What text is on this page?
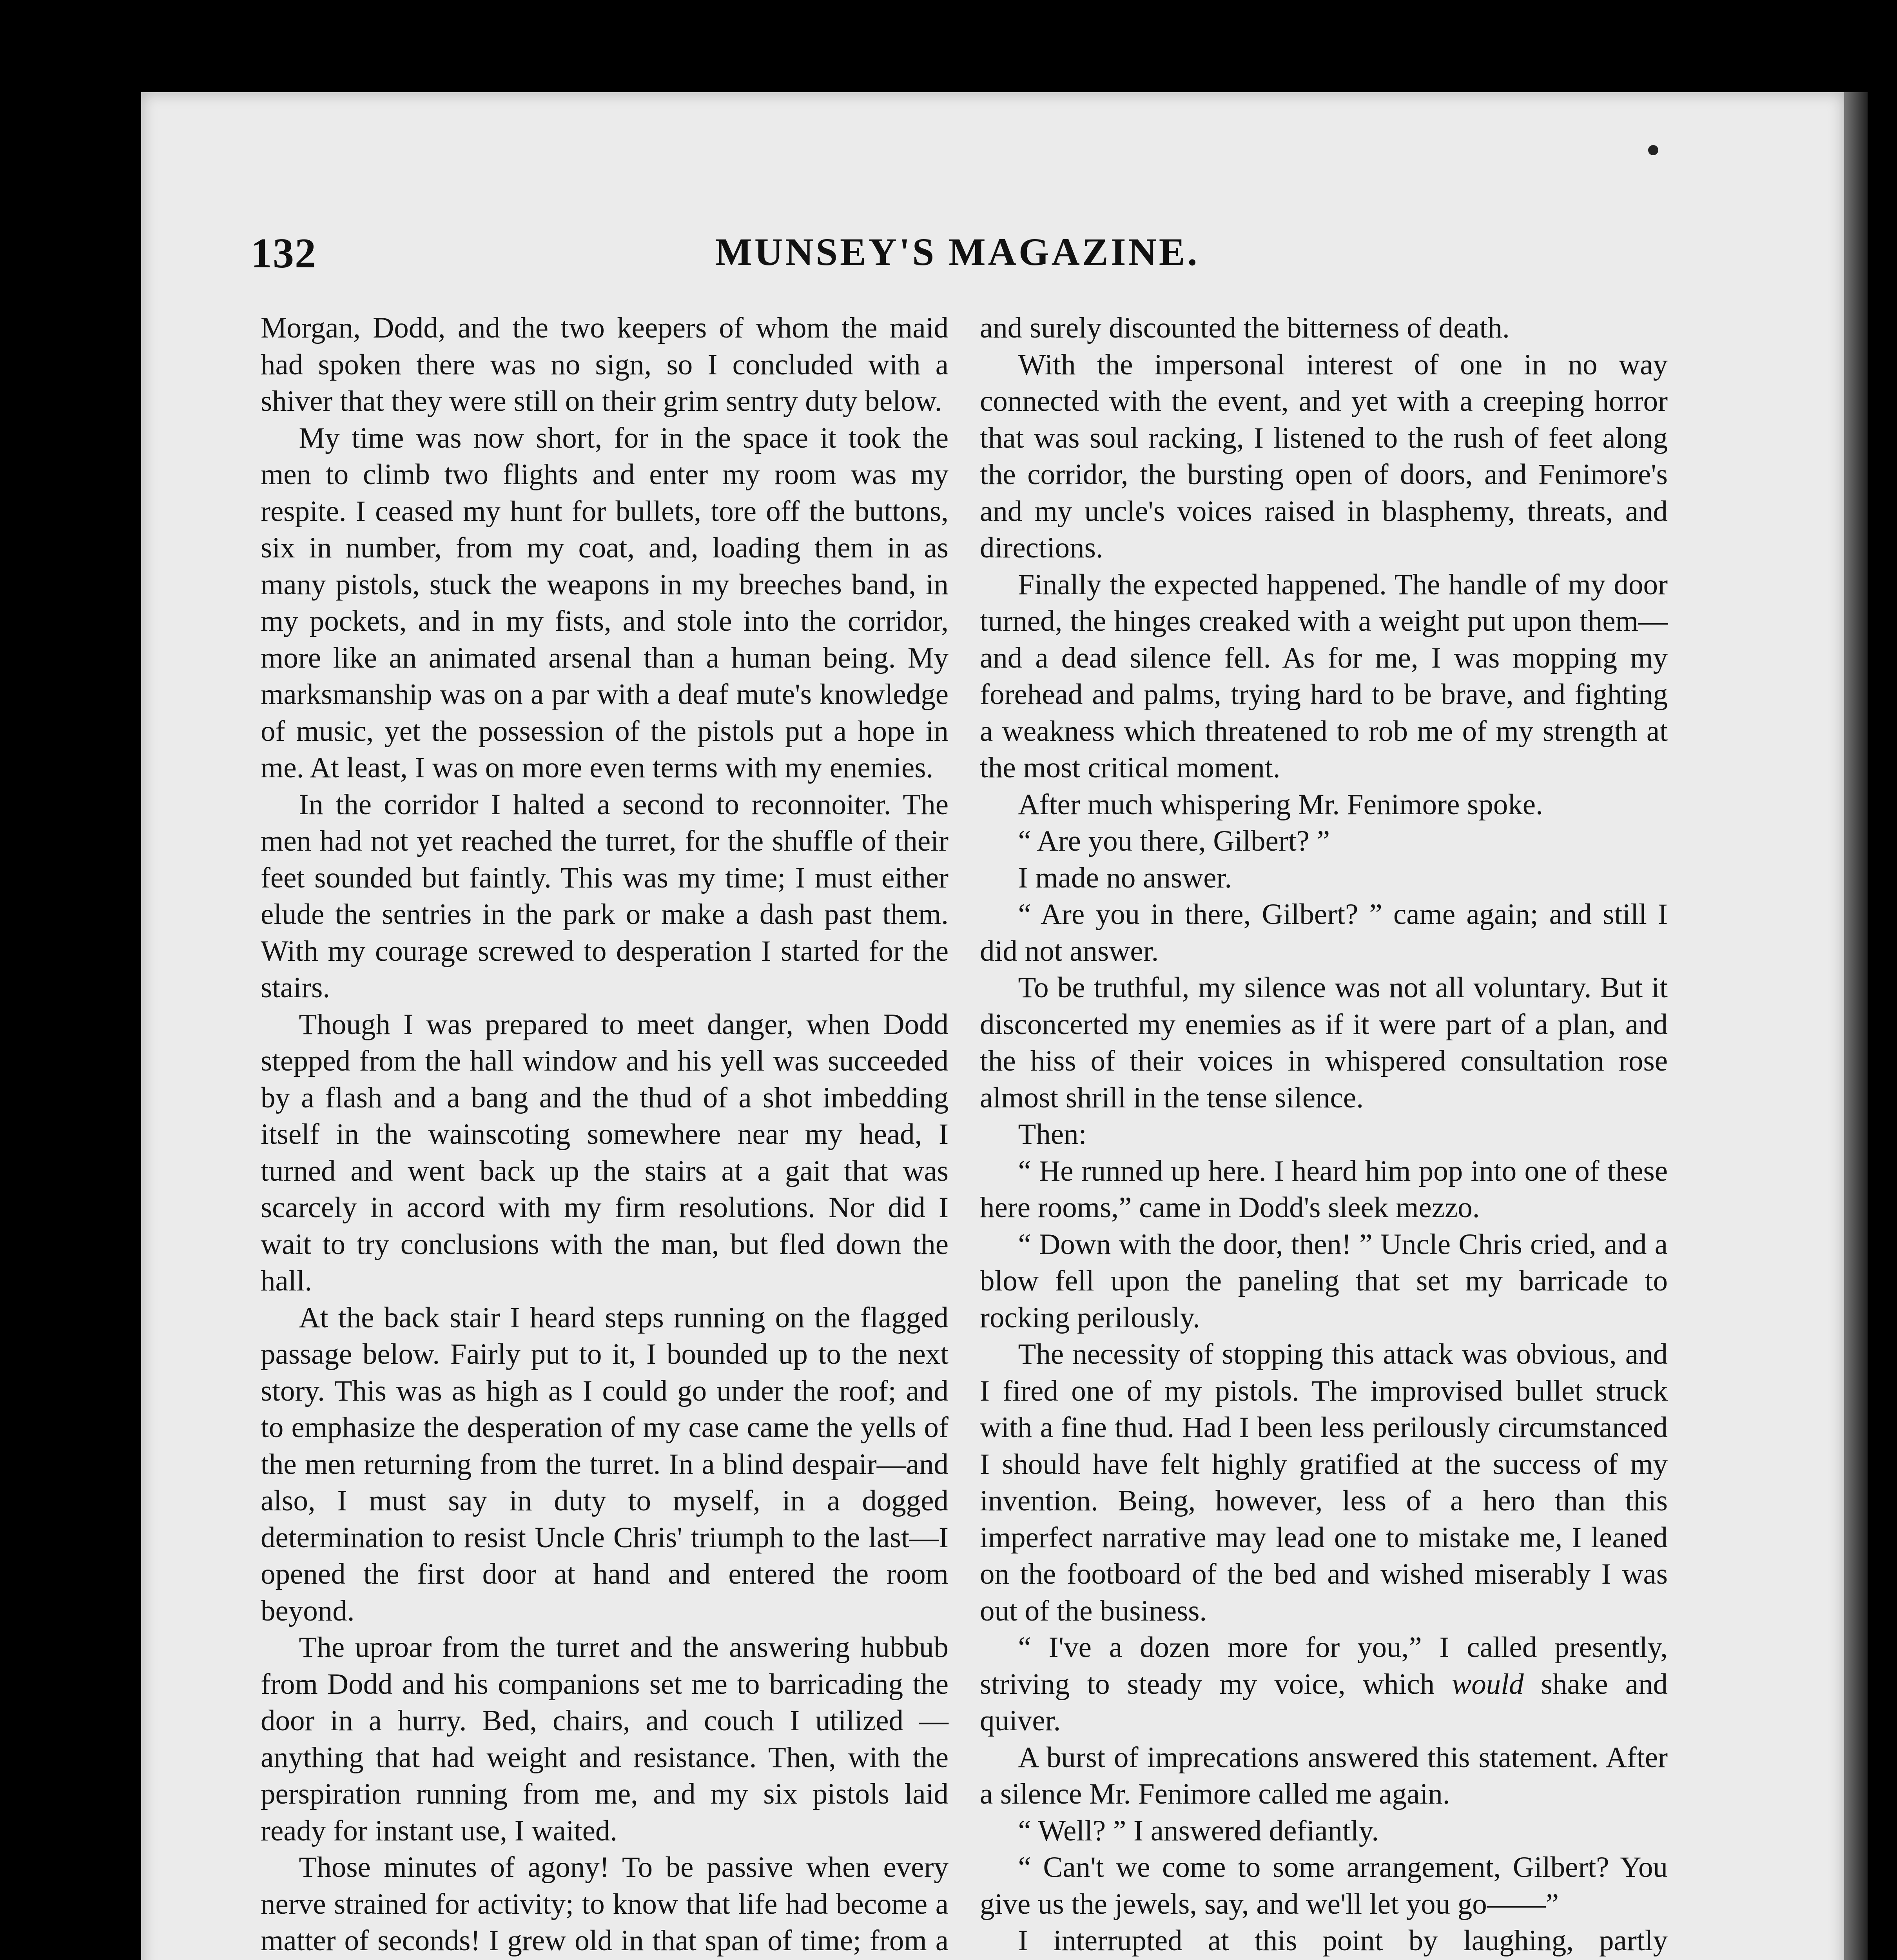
132	MUNSEY'S MAGAZINE.

Morgan, Dodd, and the two keepers of whom the maid had spoken there was no sign, so I concluded with a shiver that they were still on their grim sentry duty below.

My time was now short, for in the space it took the men to climb two flights and enter my room was my respite. I ceased my hunt for bullets, tore off the buttons, six in number, from my coat, and, loading them in as many pistols, stuck the weapons in my breeches band, in my pockets, and in my fists, and stole into the corridor, more like an animated arsenal than a human being. My marksmanship was on a par with a deaf mute's knowledge of music, yet the possession of the pistols put a hope in me. At least, I was on more even terms with my enemies.

In the corridor I halted a second to reconnoiter. The men had not yet reached the turret, for the shuffle of their feet sounded but faintly. This was my time; I must either elude the sentries in the park or make a dash past them. With my courage screwed to desperation I started for the stairs.

Though I was prepared to meet danger, when Dodd stepped from the hall window and his yell was succeeded by a flash and a bang and the thud of a shot imbedding itself in the wainscoting somewhere near my head, I turned and went back up the stairs at a gait that was scarcely in accord with my firm resolutions. Nor did I wait to try conclusions with the man, but fled down the hall.

At the back stair I heard steps running on the flagged passage below. Fairly put to it, I bounded up to the next story. This was as high as I could go under the roof; and to emphasize the desperation of my case came the yells of the men returning from the turret. In a blind despair—and also, I must say in duty to myself, in a dogged determination to resist Uncle Chris' triumph to the last—I opened the first door at hand and entered the room beyond.

The uproar from the turret and the answering hubbub from Dodd and his companions set me to barricading the door in a hurry. Bed, chairs, and couch I utilized —anything that had weight and resistance. Then, with the perspiration running from me, and my six pistols laid ready for instant use, I waited.

Those minutes of agony! To be passive when every nerve strained for activity; to know that life had become a matter of seconds! I grew old in that span of time; from a

and surely discounted the bitterness of death.

With the impersonal interest of one in no way connected with the event, and yet with a creeping horror that was soul racking, I listened to the rush of feet along the corridor, the bursting open of doors, and Fenimore's and my uncle's voices raised in blasphemy, threats, and directions.

Finally the expected happened. The handle of my door turned, the hinges creaked with a weight put upon them—and a dead silence fell. As for me, I was mopping my forehead and palms, trying hard to be brave, and fighting a weakness which threatened to rob me of my strength at the most critical moment.

After much whispering Mr. Fenimore spoke.

“ Are you there, Gilbert? ”

I made no answer.

“ Are you in there, Gilbert? ” came again; and still I did not answer.

To be truthful, my silence was not all voluntary. But it disconcerted my enemies as if it were part of a plan, and the hiss of their voices in whispered consultation rose almost shrill in the tense silence.

Then:

“ He runned up here. I heard him pop into one of these here rooms,” came in Dodd's sleek mezzo.

“ Down with the door, then! ” Uncle Chris cried, and a blow fell upon the paneling that set my barricade to rocking perilously.

The necessity of stopping this attack was obvious, and I fired one of my pistols. The improvised bullet struck with a fine thud. Had I been less perilously circumstanced I should have felt highly gratified at the success of my invention. Being, however, less of a hero than this imperfect narrative may lead one to mistake me, I leaned on the footboard of the bed and wished miserably I was out of the business.

“ I've a dozen more for you,” I called presently, striving to steady my voice, which would shake and quiver.

A burst of imprecations answered this statement. After a silence Mr. Fenimore called me again.

“ Well? ” I answered defiantly.

“ Can't we come to some arrangement, Gilbert? You give us the jewels, say, and we'll let you go——”

I interrupted at this point by laughing, partly
